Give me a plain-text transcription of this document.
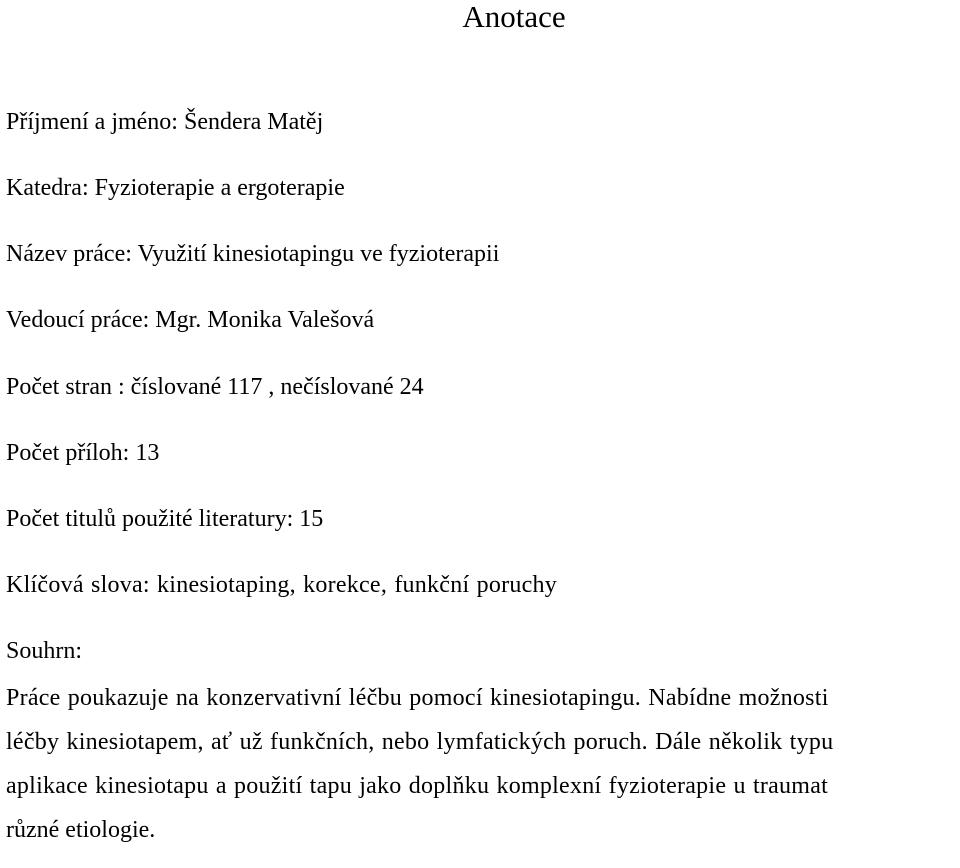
Anotace
Příjmení a jméno: Šendera Matěj
Katedra: Fyzioterapie a ergoterapie
Název práce: Využití kinesiotapingu ve fyzioterapii
Vedoucí práce: Mgr. Monika Valešová
Počet stran : číslované 117 , nečíslované 24
Počet příloh: 13
Počet titulů použité literatury: 15
Klíčová slova: kinesiotaping, korekce, funkční poruchy
Souhrn:
Práce poukazuje na konzervativní léčbu pomocí kinesiotapingu. Nabídne možnosti
léčby kinesiotapem, ať už funkčních, nebo lymfatických poruch. Dále několik typu
aplikace kinesiotapu a použití tapu jako doplňku komplexní fyzioterapie u traumat
různé etiologie.
